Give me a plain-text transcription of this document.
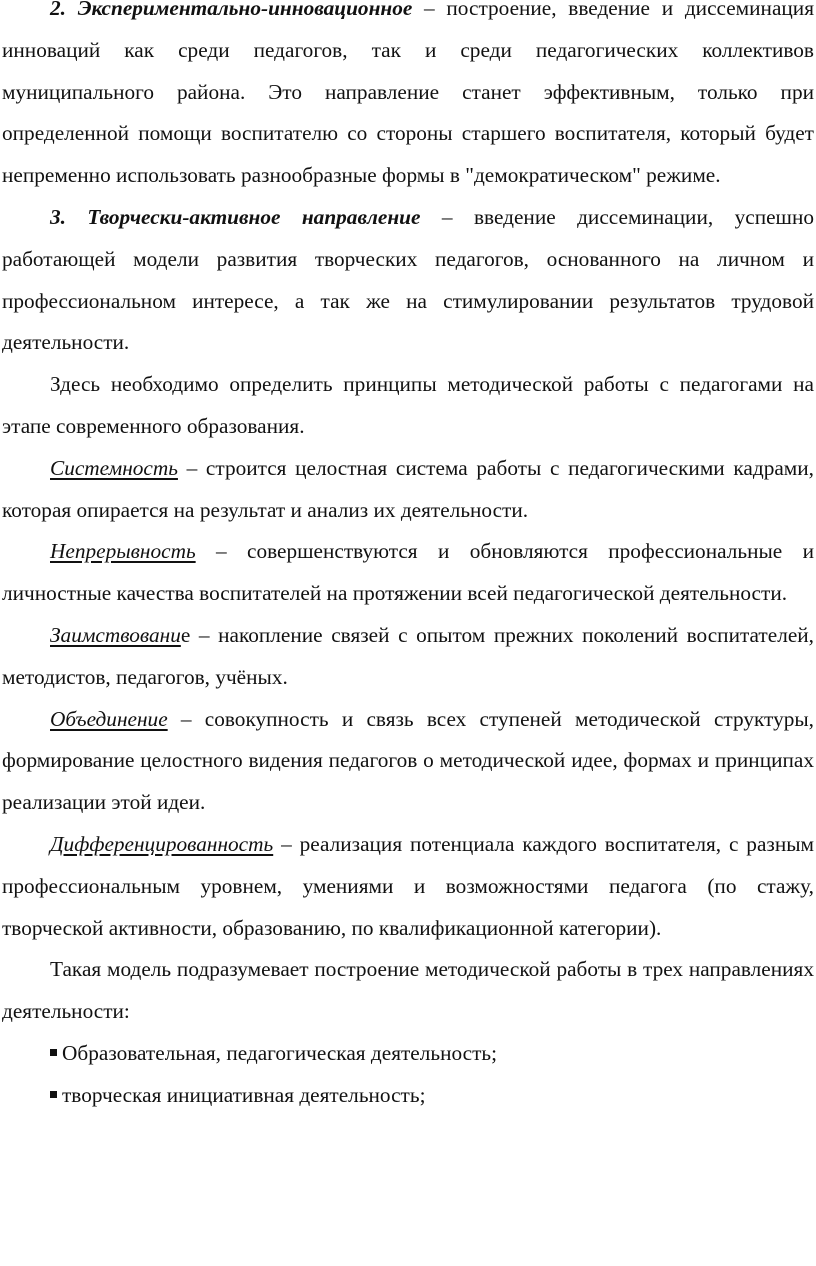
2. Экспериментально-инновационное – построение, введение и диссеминация инноваций как среди педагогов, так и среди педагогических коллективов муниципального района. Это направление станет эффективным, только при определенной помощи воспитателю со стороны старшего воспитателя, который будет непременно использовать разнообразные формы в "демократическом" режиме.

3. Творчески-активное направление – введение диссеминации, успешно работающей модели развития творческих педагогов, основанного на личном и профессиональном интересе, а так же на стимулировании результатов трудовой деятельности.

Здесь необходимо определить принципы методической работы с педагогами на этапе современного образования.

Системность – строится целостная система работы с педагогическими кадрами, которая опирается на результат и анализ их деятельности.

Непрерывность – совершенствуются и обновляются профессиональные и личностные качества воспитателей на протяжении всей педагогической деятельности.

Заимствование – накопление связей с опытом прежних поколений воспитателей, методистов, педагогов, учёных.

Объединение – совокупность и связь всех ступеней методической структуры, формирование целостного видения педагогов о методической идее, формах и принципах реализации этой идеи.

Дифференцированность – реализация потенциала каждого воспитателя, с разным профессиональным уровнем, умениями и возможностями педагога (по стажу, творческой активности, образованию, по квалификационной категории).

Такая модель подразумевает построение методической работы в трех направлениях деятельности:

Образовательная, педагогическая деятельность;
творческая инициативная деятельность;
